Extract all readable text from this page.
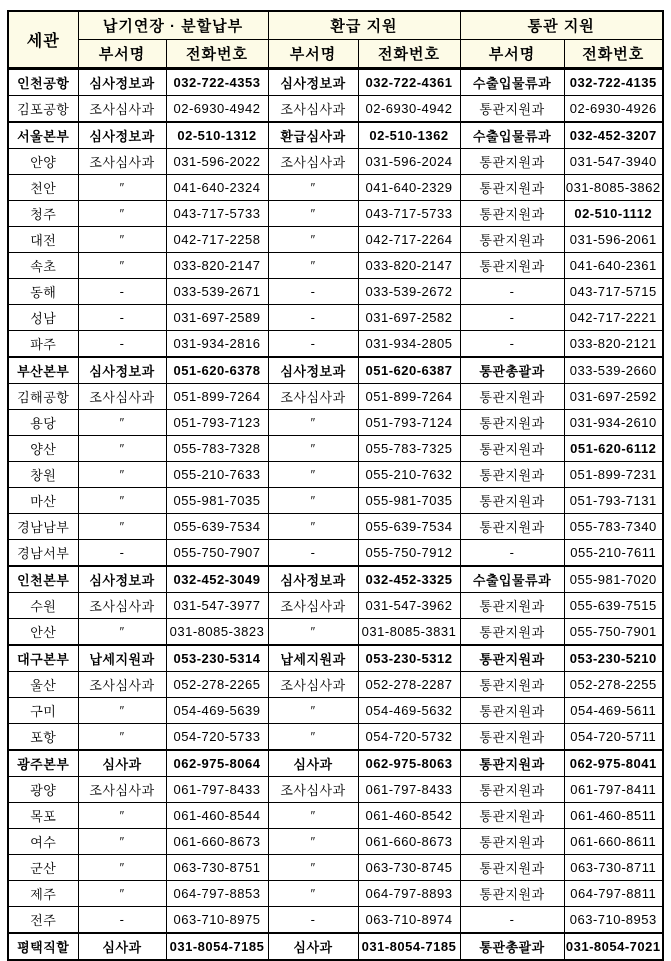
세관	납기연장 · 분할납부		환급 지원		통관 지원	
	부서명	전화번호	부서명	전화번호	부서명	전화번호
인천공항	심사정보과	032-722-4353	심사정보과	032-722-4361	수출입물류과	032-722-4135
김포공항	조사심사과	02-6930-4942	조사심사과	02-6930-4942	통관지원과	02-6930-4926
서울본부	심사정보과	02-510-1312	환급심사과	02-510-1362	수출입물류과	032-452-3207
안양	조사심사과	031-596-2022	조사심사과	031-596-2024	통관지원과	031-547-3940
천안	″	041-640-2324	″	041-640-2329	통관지원과	031-8085-3862
청주	″	043-717-5733	″	043-717-5733	통관지원과	02-510-1112
대전	″	042-717-2258	″	042-717-2264	통관지원과	031-596-2061
속초	″	033-820-2147	″	033-820-2147	통관지원과	041-640-2361
동해	-	033-539-2671	-	033-539-2672	-	043-717-5715
성남	-	031-697-2589	-	031-697-2582	-	042-717-2221
파주	-	031-934-2816	-	031-934-2805	-	033-820-2121
부산본부	심사정보과	051-620-6378	심사정보과	051-620-6387	통관총괄과	033-539-2660
김해공항	조사심사과	051-899-7264	조사심사과	051-899-7264	통관지원과	031-697-2592
용당	″	051-793-7123	″	051-793-7124	통관지원과	031-934-2610
양산	″	055-783-7328	″	055-783-7325	통관지원과	051-620-6112
창원	″	055-210-7633	″	055-210-7632	통관지원과	051-899-7231
마산	″	055-981-7035	″	055-981-7035	통관지원과	051-793-7131
경남남부	″	055-639-7534	″	055-639-7534	통관지원과	055-783-7340
경남서부	-	055-750-7907	-	055-750-7912	-	055-210-7611
인천본부	심사정보과	032-452-3049	심사정보과	032-452-3325	수출입물류과	055-981-7020
수원	조사심사과	031-547-3977	조사심사과	031-547-3962	통관지원과	055-639-7515
안산	″	031-8085-3823	″	031-8085-3831	통관지원과	055-750-7901
대구본부	납세지원과	053-230-5314	납세지원과	053-230-5312	통관지원과	053-230-5210
울산	조사심사과	052-278-2265	조사심사과	052-278-2287	통관지원과	052-278-2255
구미	″	054-469-5639	″	054-469-5632	통관지원과	054-469-5611
포항	″	054-720-5733	″	054-720-5732	통관지원과	054-720-5711
광주본부	심사과	062-975-8064	심사과	062-975-8063	통관지원과	062-975-8041
광양	조사심사과	061-797-8433	조사심사과	061-797-8433	통관지원과	061-797-8411
목포	″	061-460-8544	″	061-460-8542	통관지원과	061-460-8511
여수	″	061-660-8673	″	061-660-8673	통관지원과	061-660-8611
군산	″	063-730-8751	″	063-730-8745	통관지원과	063-730-8711
제주	″	064-797-8853	″	064-797-8893	통관지원과	064-797-8811
전주	-	063-710-8975	-	063-710-8974	-	063-710-8953
평택직할	심사과	031-8054-7185	심사과	031-8054-7185	통관총괄과	031-8054-7021
